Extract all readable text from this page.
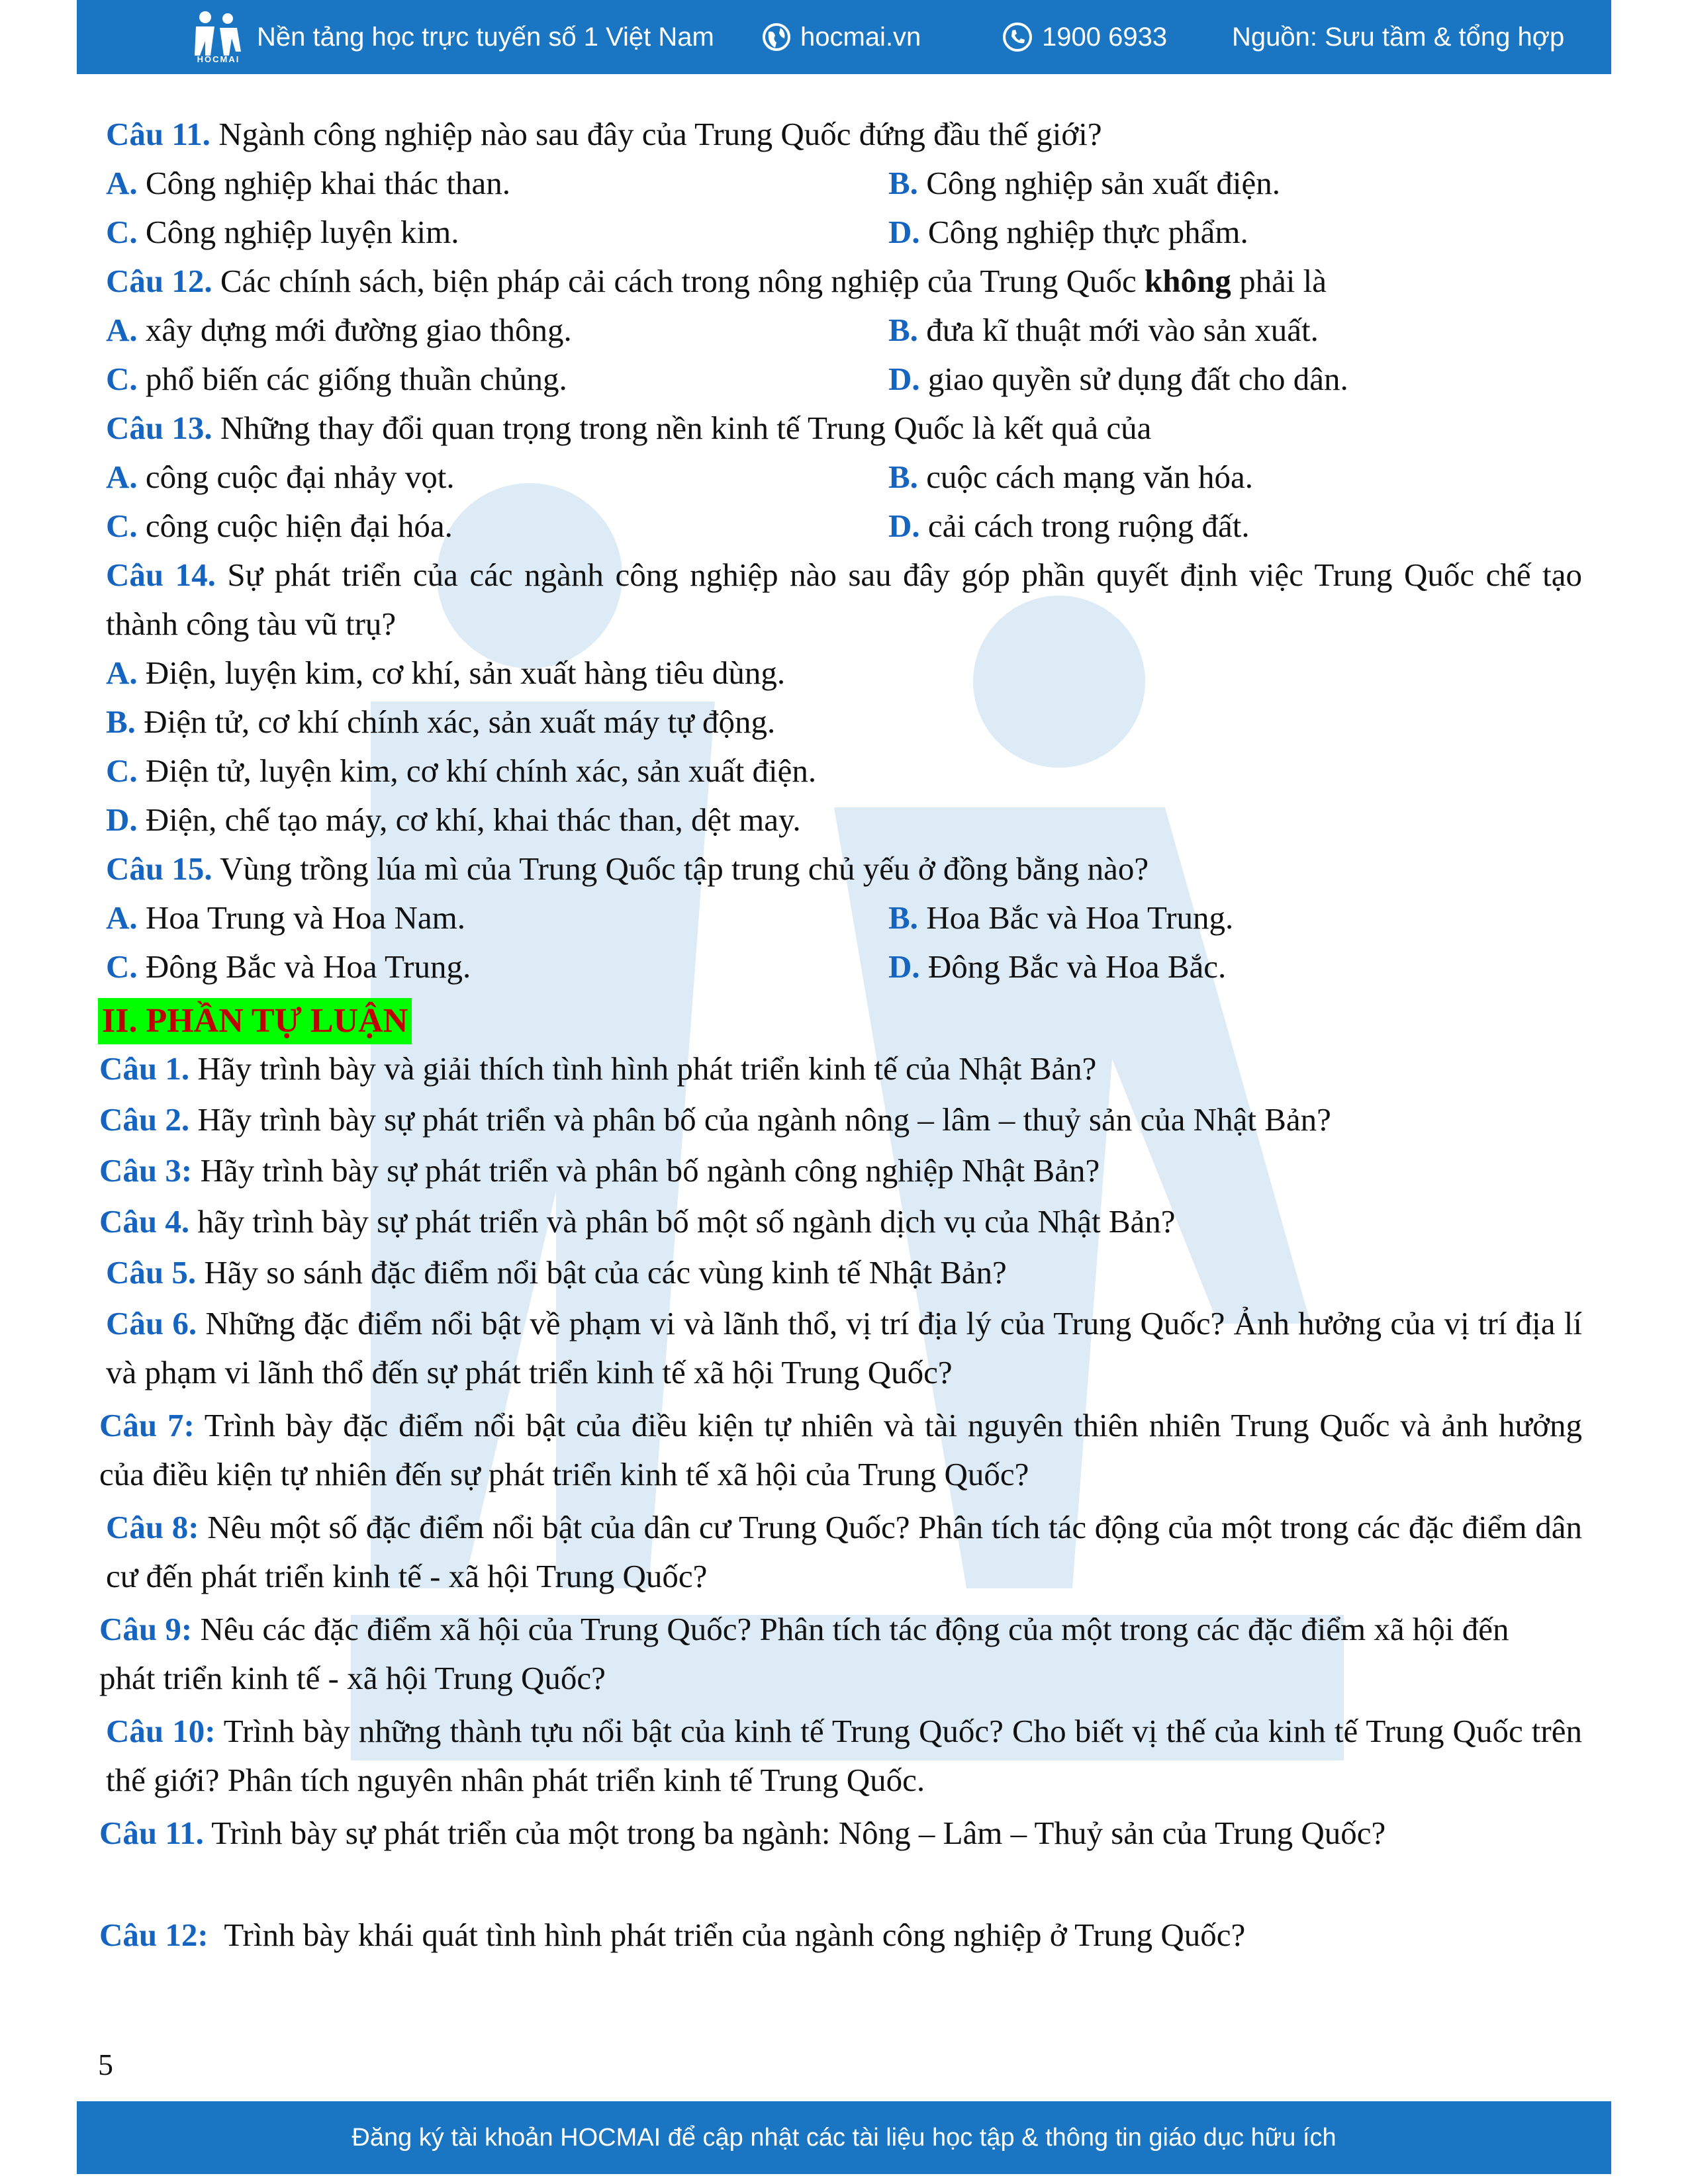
HOCMAI
Nền tảng học trực tuyến số 1 Việt Nam	hocmai.vn	1900 6933 Nguồn: Sưu tầm & tổng hợp
Câu 11. Ngành công nghiệp nào sau đây của Trung Quốc đứng đầu thế giới?
A. Công nghiệp khai thác than.	B. Công nghiệp sản xuất điện.
C. Công nghiệp luyện kim.	D. Công nghiệp thực phẩm.
Câu 12. Các chính sách, biện pháp cải cách trong nông nghiệp của Trung Quốc không phải là
A. xây dựng mới đường giao thông.	B. đưa kĩ thuật mới vào sản xuất.
C. phổ biến các giống thuần chủng.	D. giao quyền sử dụng đất cho dân.
Câu 13. Những thay đổi quan trọng trong nền kinh tế Trung Quốc là kết quả của
A. công cuộc đại nhảy vọt.	B. cuộc cách mạng văn hóa.
C. công cuộc hiện đại hóa.	D. cải cách trong ruộng đất.
Câu 14. Sự phát triển của các ngành công nghiệp nào sau đây góp phần quyết định việc Trung Quốc chế tạo thành công tàu vũ trụ?
A. Điện, luyện kim, cơ khí, sản xuất hàng tiêu dùng.
B. Điện tử, cơ khí chính xác, sản xuất máy tự động.
C. Điện tử, luyện kim, cơ khí chính xác, sản xuất điện.
D. Điện, chế tạo máy, cơ khí, khai thác than, dệt may.
Câu 15. Vùng trồng lúa mì của Trung Quốc tập trung chủ yếu ở đồng bằng nào?
A. Hoa Trung và Hoa Nam.	B. Hoa Bắc và Hoa Trung.
C. Đông Bắc và Hoa Trung.	D. Đông Bắc và Hoa Bắc.
II. PHẦN TỰ LUẬN
Câu 1. Hãy trình bày và giải thích tình hình phát triển kinh tế của Nhật Bản?
Câu 2. Hãy trình bày sự phát triển và phân bố của ngành nông – lâm – thuỷ sản của Nhật Bản?
Câu 3: Hãy trình bày sự phát triển và phân bố ngành công nghiệp Nhật Bản?
Câu 4. hãy trình bày sự phát triển và phân bố một số ngành dịch vụ của Nhật Bản?
Câu 5. Hãy so sánh đặc điểm nổi bật của các vùng kinh tế Nhật Bản?
Câu 6. Những đặc điểm nổi bật về phạm vi và lãnh thổ, vị trí địa lý của Trung Quốc? Ảnh hưởng của vị trí địa lí và phạm vi lãnh thổ đến sự phát triển kinh tế xã hội Trung Quốc?
Câu 7: Trình bày đặc điểm nổi bật của điều kiện tự nhiên và tài nguyên thiên nhiên Trung Quốc và ảnh hưởng của điều kiện tự nhiên đến sự phát triển kinh tế xã hội của Trung Quốc?
Câu 8: Nêu một số đặc điểm nổi bật của dân cư Trung Quốc? Phân tích tác động của một trong các đặc điểm dân cư đến phát triển kinh tế - xã hội Trung Quốc?
Câu 9: Nêu các đặc điểm xã hội của Trung Quốc? Phân tích tác động của một trong các đặc điểm xã hội đến phát triển kinh tế - xã hội Trung Quốc?
Câu 10: Trình bày những thành tựu nổi bật của kinh tế Trung Quốc? Cho biết vị thế của kinh tế Trung Quốc trên thế giới? Phân tích nguyên nhân phát triển kinh tế Trung Quốc.
Câu 11. Trình bày sự phát triển của một trong ba ngành: Nông – Lâm – Thuỷ sản của Trung Quốc?
Câu 12:  Trình bày khái quát tình hình phát triển của ngành công nghiệp ở Trung Quốc?
5
Đăng ký tài khoản HOCMAI để cập nhật các tài liệu học tập & thông tin giáo dục hữu ích
